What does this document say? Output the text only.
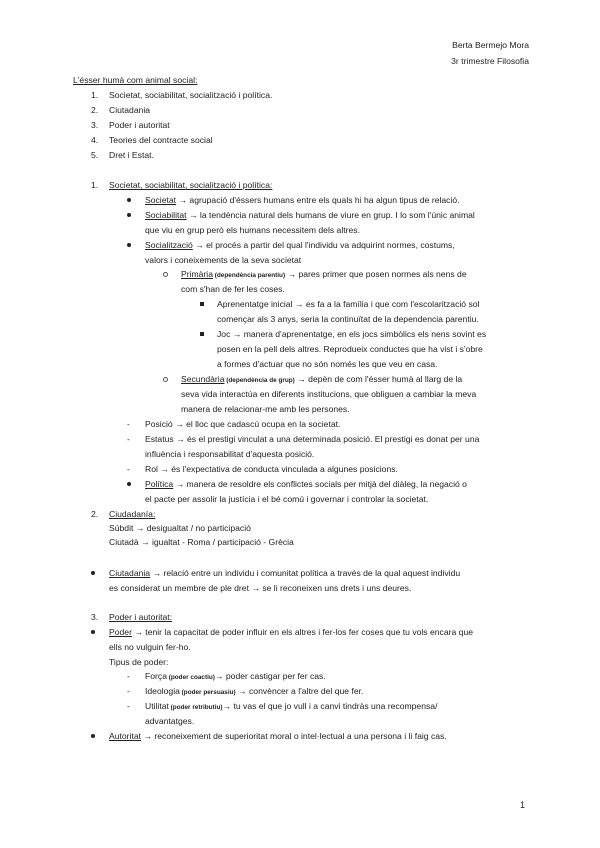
Berta Bermejo Mora
3r trimestre Filosofia
L'ésser humà com animal social:
1. Societat, sociabilitat, socialització i política.
2. Ciutadania
3. Poder i autoritat
4. Teories del contracte social
5. Dret i Estat.
1. Societat, sociabilitat, socialització i política:
Societat → agrupació d'éssers humans entre els quals hi ha algun tipus de relació.
Sociabilitat → la tendència natural dels humans de viure en grup. I lo som l'únic animal
que viu en grup però els humans necessitem dels altres.
Socialització → el procés a partir del qual l'individu va adquirint normes, costums,
valors i coneixements de la seva societat
Primària (dependència parentiu) → pares primer que posen normes als nens de
com s'han de fer les coses.
Aprenentatge inicial → es fa a la família i que com l'escolarització sol
començar als 3 anys, seria la continuïtat de la dependencia parentiu.
Joc → manera d'aprenentatge, en els jocs simbòlics els nens sovint es
posen en la pell dels altres. Reprodueix conductes que ha vist i s'obre
a formes d'actuar que no són només les que veu en casa.
Secundària (dependència de grup) → depèn de com l'ésser humà al llarg de la
seva vida interactúa en diferents institucions, que obliguen a cambiar la meva
manera de relacionar-me amb les persones.
- Posició → el lloc que cadascú ocupa en la societat.
- Estatus → és el prestigi vinculat a una determinada posició. El prestigi es donat per una
influència i responsabilitat d'aquesta posició.
- Rol → és l'expectativa de conducta vinculada a algunes posicions.
Política → manera de resoldre els conflictes socials per mitjà del diàleg, la negació o
el pacte per assolir la justícia i el bé comú i governar i controlar la societat.
2. Ciudadanía:
Súbdit → desigualtat / no participació
Ciutadà → igualtat - Roma / participació - Grècia
Ciutadania → relació entre un individu i comunitat política a través de la qual aquest individu
es considerat un membre de ple dret → se li reconeixen uns drets i uns deures.
3. Poder i autoritat:
Poder → tenir la capacitat de poder influir en els altres i fer-los fer coses que tu vols encara que
ells no vulguin fer-ho.
Tipus de poder:
- Força (poder coactiu)→ poder castigar per fer cas.
- Ideologia (poder persuasiu) → convèncer a l'altre del que fer.
- Utilitat (poder retributiu)→ tu vas el que jo vull i a canvi tindràs una recompensa/
advantatges.
Autoritat → reconeixement de superioritat moral o intel·lectual a una persona i li faig cas.
1
